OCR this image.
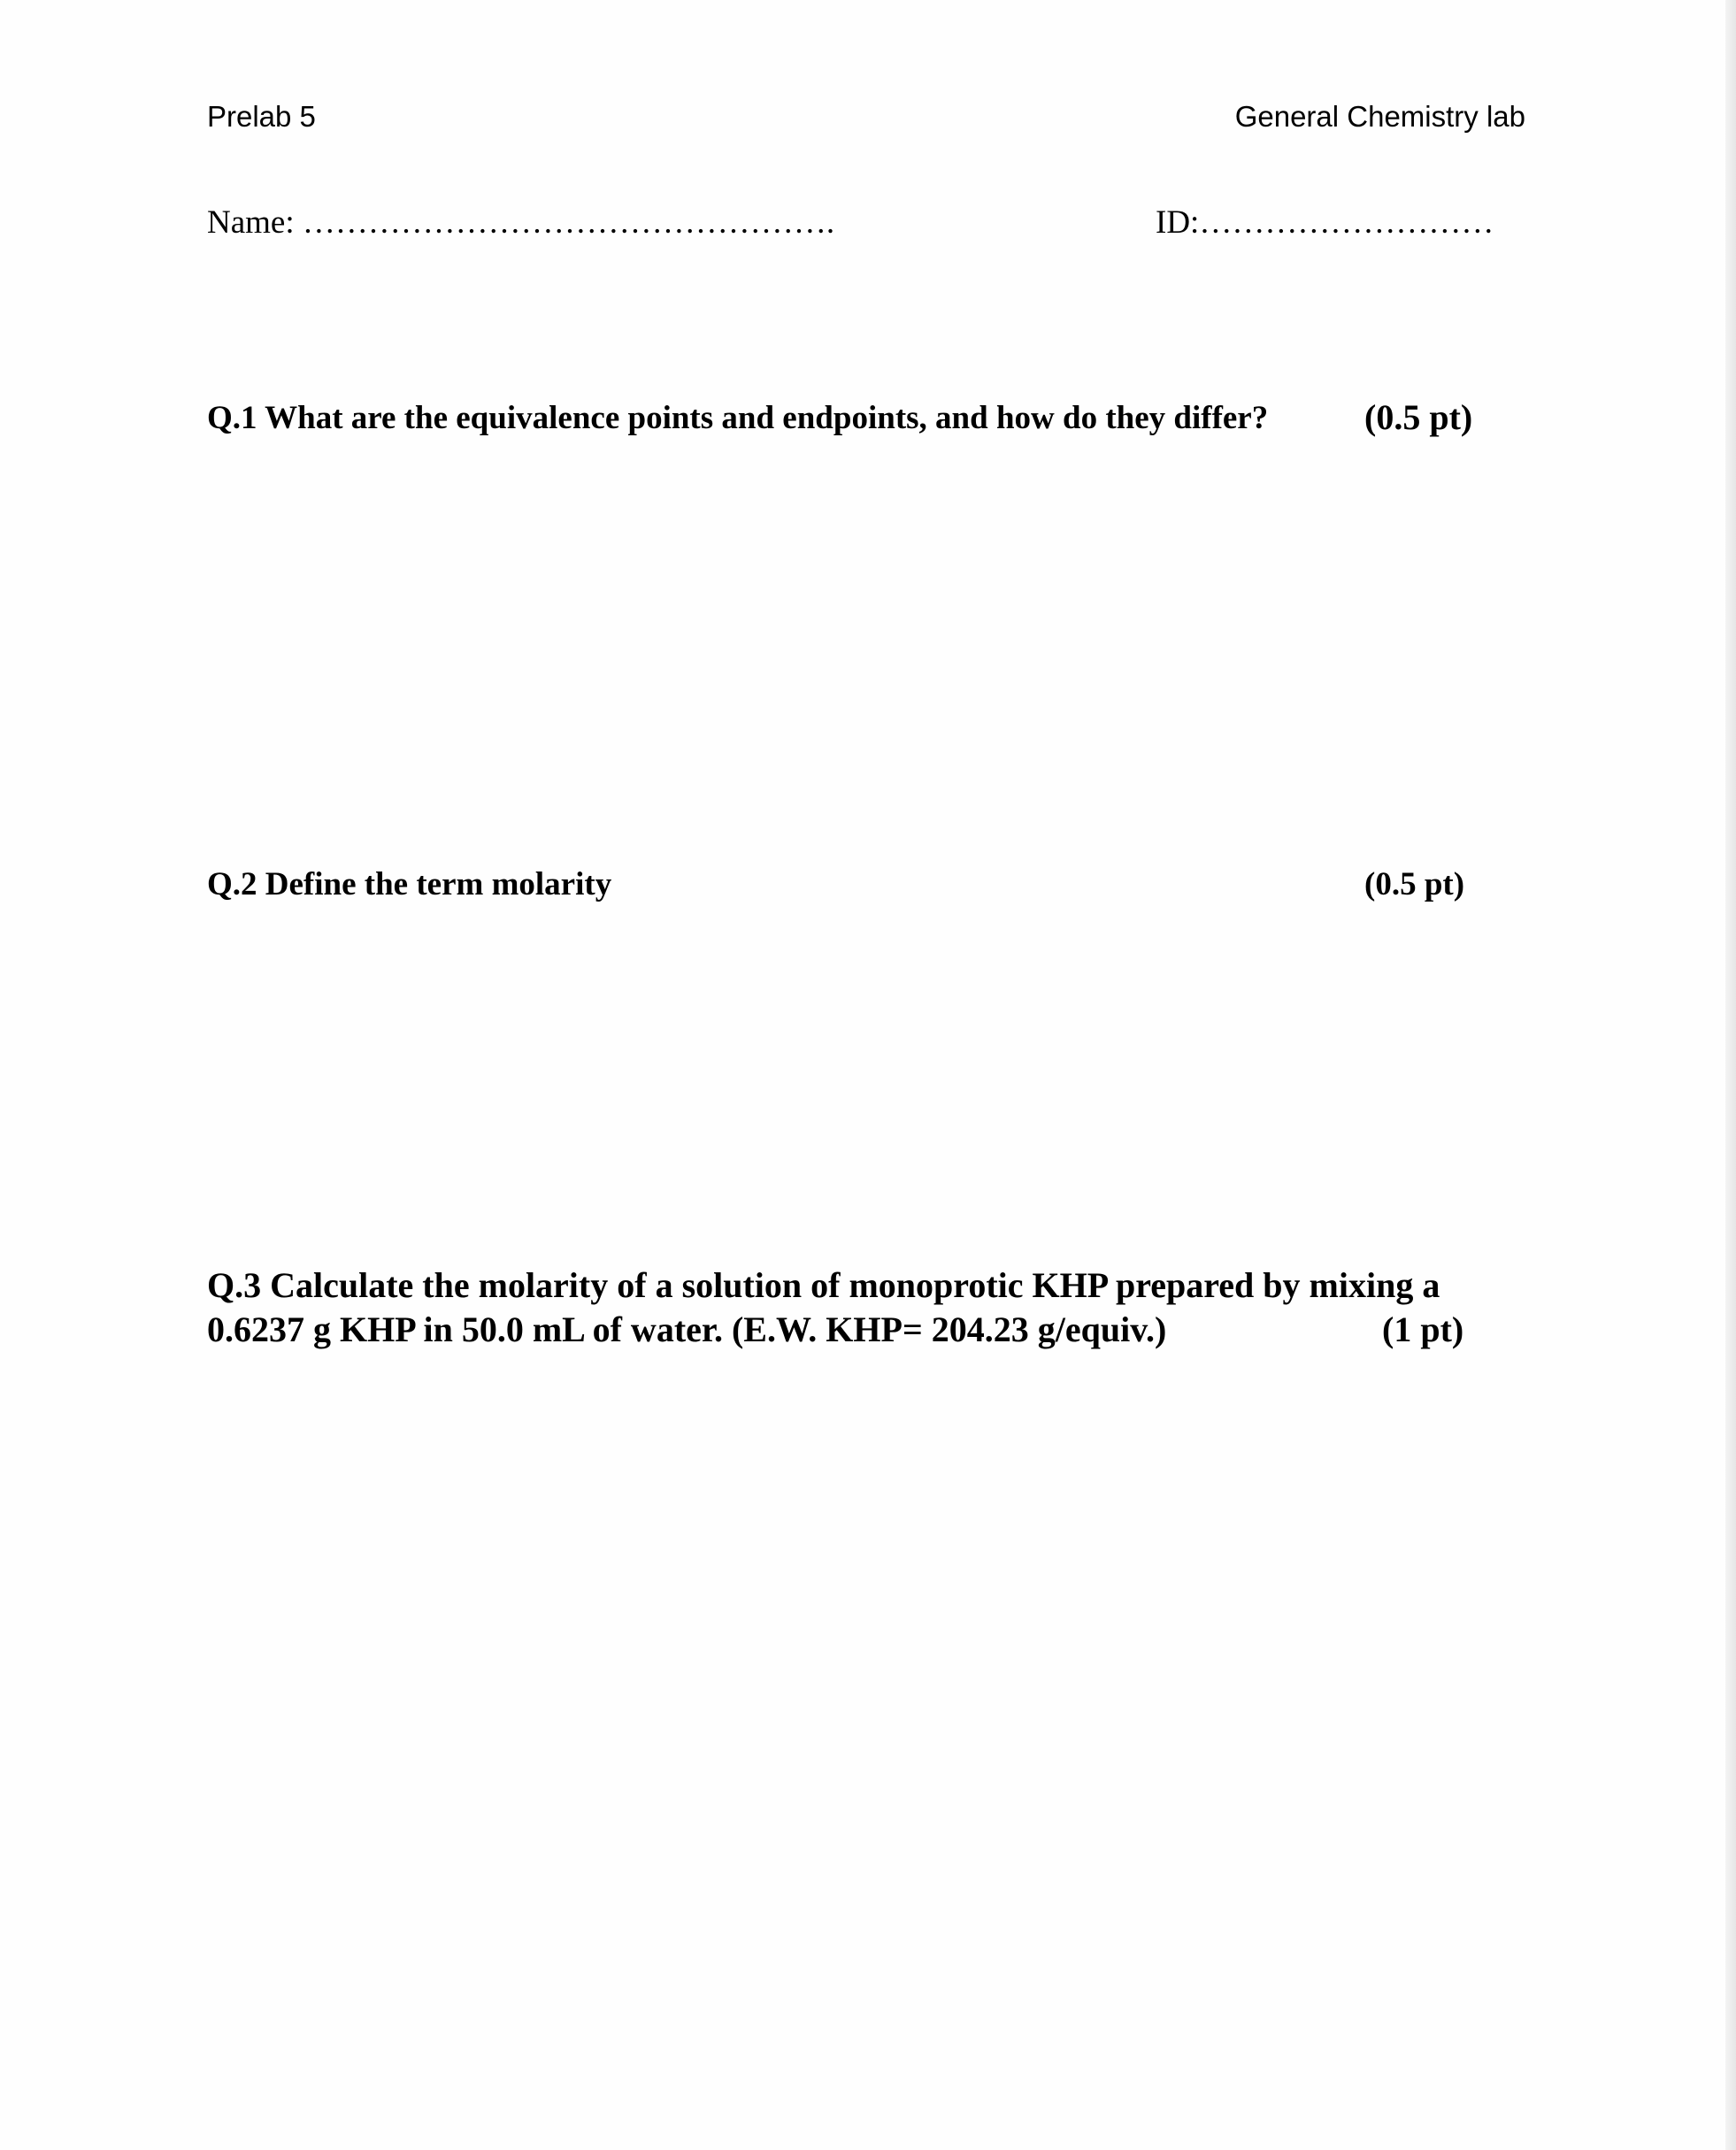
Prelab 5	General Chemistry lab
Name: ………………………………………….	ID:………………………
Q.1 What are the equivalence points and endpoints, and how do they differ?	(0.5 pt)
Q.2 Define the term molarity	(0.5 pt)
Q.3 Calculate the molarity of a solution of monoprotic KHP prepared by mixing a
0.6237 g KHP in 50.0 mL of water. (E.W. KHP= 204.23 g/equiv.)	(1 pt)
